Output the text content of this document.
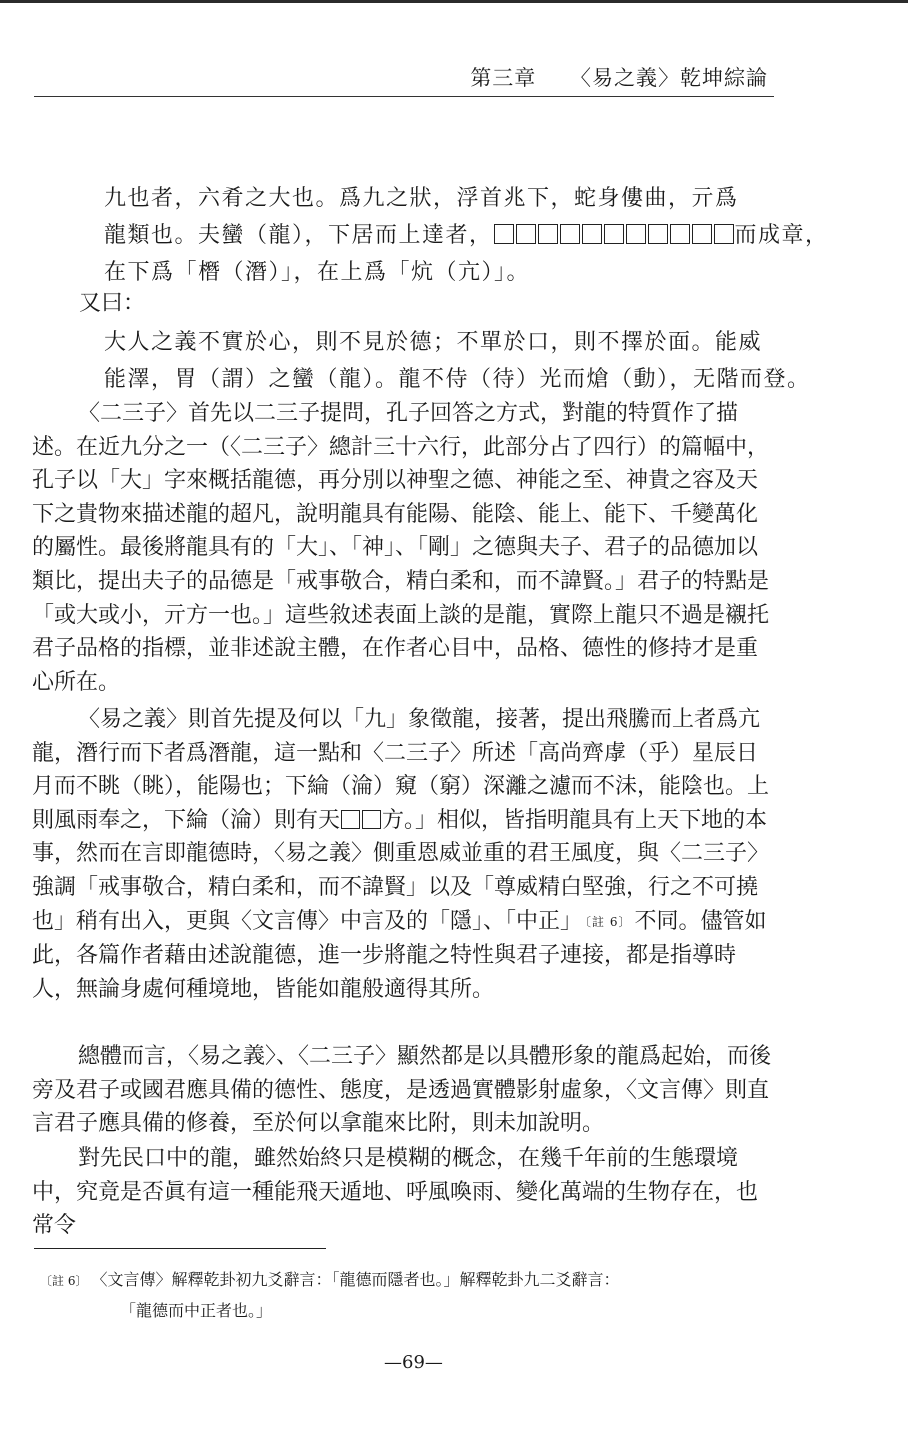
第三章 〈易之義〉乾坤綜論
九也者，六肴之大也。爲九之狀，浮首兆下，蛇身僂曲，亓爲
龍類也。夫蠻（龍），下居而上達者，	而成章，
在下爲「橬（潛）」，在上爲「炕（亢）」。
又曰：
大人之義不實於心，則不見於德；不單於口，則不擇於面。能威
能澤，胃（謂）之蠻（龍）。龍不侍（待）光而熗（動），无階而登。

〈二三子〉首先以二三子提問，孔子回答之方式，對龍的特質作了描述。在近九分之一（〈二三子〉總計三十六行，此部分占了四行）的篇幅中，孔子以「大」字來概括龍德，再分別以神聖之德、神能之至、神貴之容及天下之貴物來描述龍的超凡，說明龍具有能陽、能陰、能上、能下、千變萬化的屬性。最後將龍具有的「大」、「神」、「剛」之德與夫子、君子的品德加以類比，提出夫子的品德是「戒事敬合，精白柔和，而不諱賢。」君子的特點是「或大或小，亓方一也。」這些敘述表面上談的是龍，實際上龍只不過是襯托君子品格的指標，並非述說主體，在作者心目中，品格、德性的修持才是重心所在。

〈易之義〉則首先提及何以「九」象徵龍，接著，提出飛騰而上者爲亢龍，潛行而下者爲潛龍，這一點和〈二三子〉所述「高尚齊虖（乎）星辰日月而不眺（眺），能陽也；下綸（淪）窺（窮）深灕之濾而不沬，能陰也。上則風雨奉之，下綸（淪）則有天 方。」相似，皆指明龍具有上天下地的本事，然而在言即龍德時，〈易之義〉側重恩威並重的君王風度，與〈二三子〉強調「戒事敬合，精白柔和，而不諱賢」以及「尊威精白堅強，行之不可撓也」稍有出入，更與〈文言傳〉中言及的「隱」、「中正」 〔註 6〕 不同。儘管如此，各篇作者藉由述說龍德，進一步將龍之特性與君子連接，都是指導時人，無論身處何種境地，皆能如龍般適得其所。

總體而言，〈易之義〉、〈二三子〉顯然都是以具體形象的龍爲起始，而後旁及君子或國君應具備的德性、態度，是透過實體影射虛象，〈文言傳〉則直言君子應具備的修養，至於何以拿龍來比附，則未加說明。

對先民口中的龍，雖然始終只是模糊的概念，在幾千年前的生態環境中，究竟是否眞有這一種能飛天遁地、呼風喚雨、變化萬端的生物存在，也常令

〔註 6〕 〈文言傳〉解釋乾卦初九爻辭言：「龍德而隱者也。」解釋乾卦九二爻辭言：
「龍德而中正者也。」
—69—
